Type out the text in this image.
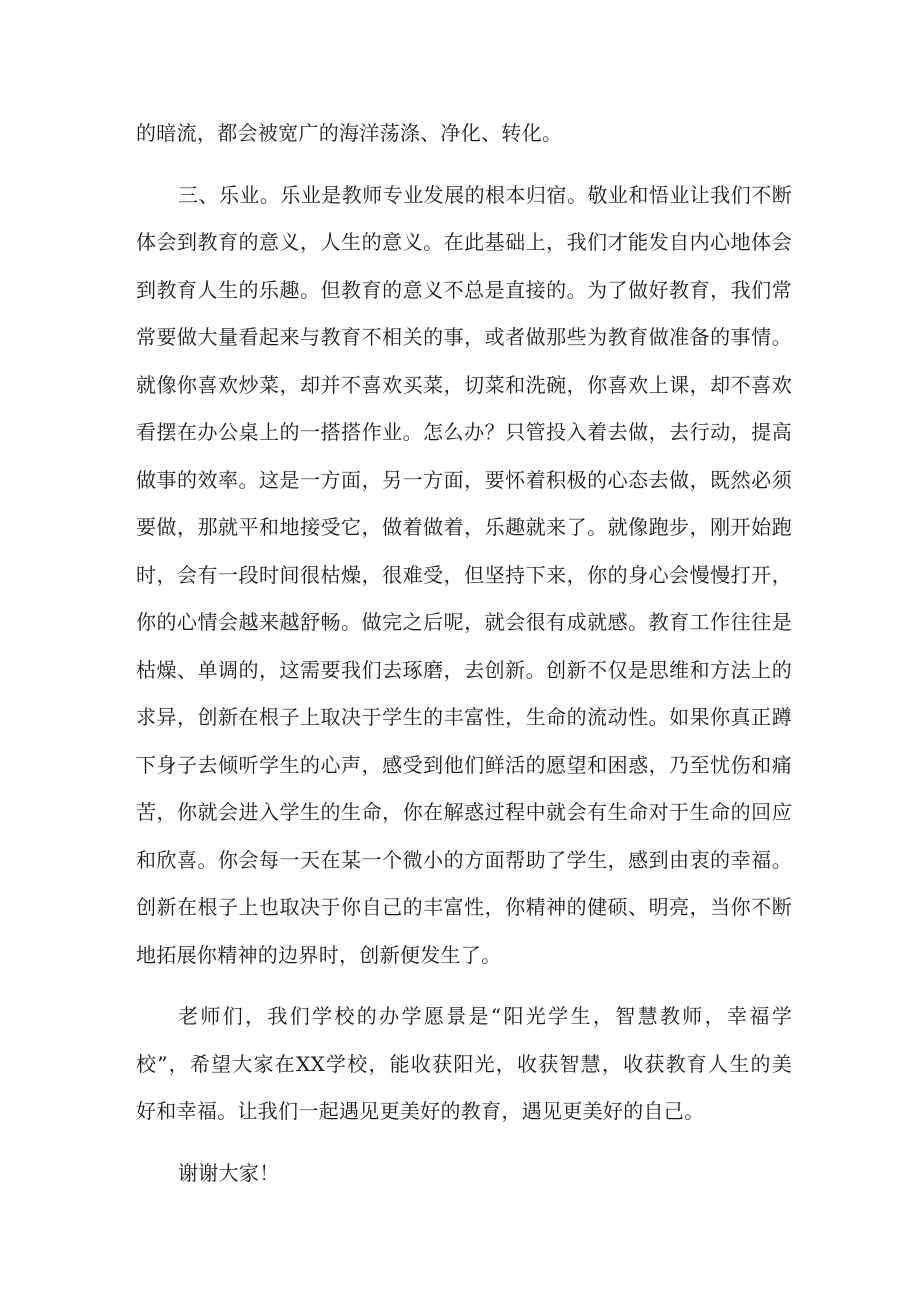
的暗流，都会被宽广的海洋荡涤、净化、转化。
三、乐业。乐业是教师专业发展的根本归宿。敬业和悟业让我们不断
体会到教育的意义，人生的意义。在此基础上，我们才能发自内心地体会
到教育人生的乐趣。但教育的意义不总是直接的。为了做好教育，我们常
常要做大量看起来与教育不相关的事，或者做那些为教育做准备的事情。
就像你喜欢炒菜，却并不喜欢买菜，切菜和洗碗，你喜欢上课，却不喜欢
看摆在办公桌上的一搭搭作业。怎么办？只管投入着去做，去行动，提高
做事的效率。这是一方面，另一方面，要怀着积极的心态去做，既然必须
要做，那就平和地接受它，做着做着，乐趣就来了。就像跑步，刚开始跑
时，会有一段时间很枯燥，很难受，但坚持下来，你的身心会慢慢打开，
你的心情会越来越舒畅。做完之后呢，就会很有成就感。教育工作往往是
枯燥、单调的，这需要我们去琢磨，去创新。创新不仅是思维和方法上的
求异，创新在根子上取决于学生的丰富性，生命的流动性。如果你真正蹲
下身子去倾听学生的心声，感受到他们鲜活的愿望和困惑，乃至忧伤和痛
苦，你就会进入学生的生命，你在解惑过程中就会有生命对于生命的回应
和欣喜。你会每一天在某一个微小的方面帮助了学生，感到由衷的幸福。
创新在根子上也取决于你自己的丰富性，你精神的健硕、明亮，当你不断
地拓展你精神的边界时，创新便发生了。
老师们，我们学校的办学愿景是“阳光学生，智慧教师，幸福学
校”，希望大家在XX学校，能收获阳光，收获智慧，收获教育人生的美
好和幸福。让我们一起遇见更美好的教育，遇见更美好的自己。
谢谢大家！
